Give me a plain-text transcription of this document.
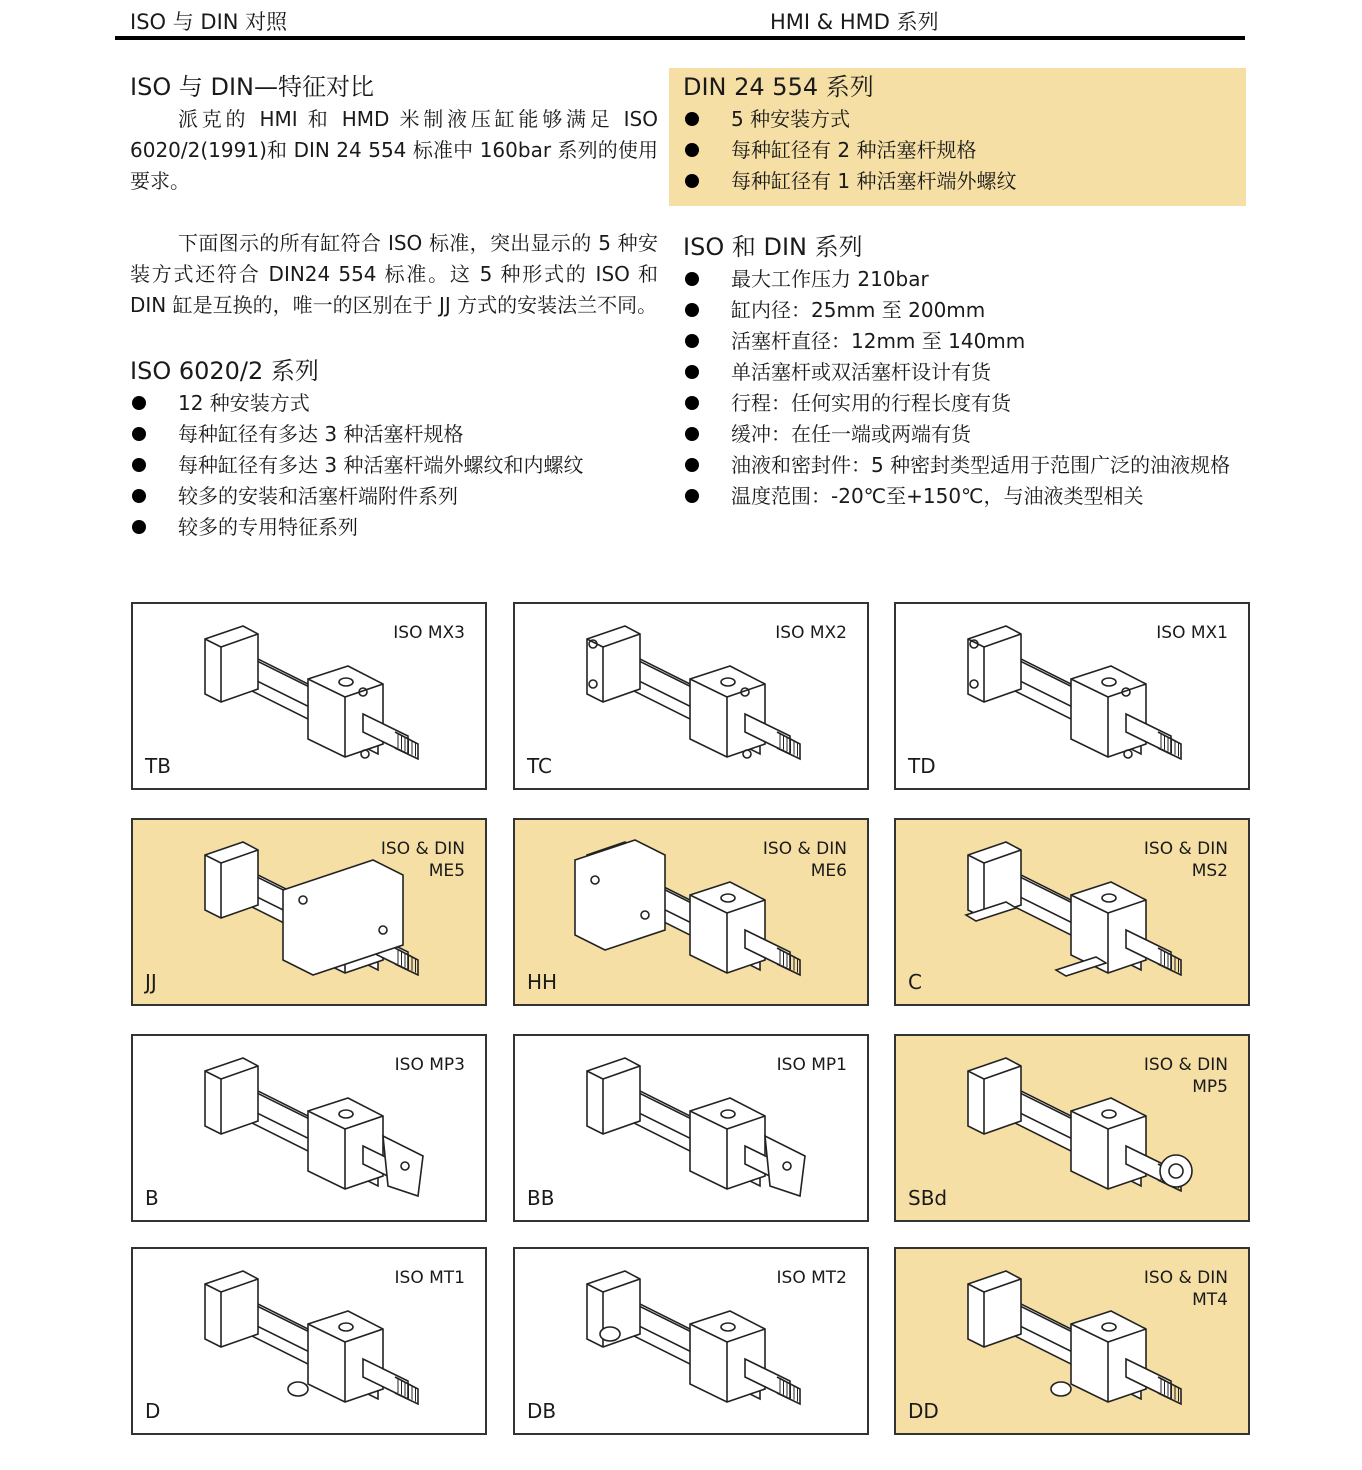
ISO 与 DIN 对照	HMI & HMD 系列
ISO 与 DIN—特征对比

派克的 HMI 和 HMD 米制液压缸能够满足 ISO 6020/2(1991)和 DIN 24 554 标准中 160bar 系列的使用要求。

下面图示的所有缸符合 ISO 标准，突出显示的 5 种安装方式还符合 DIN24 554 标准。这 5 种形式的 ISO 和 DIN 缸是互换的，唯一的区别在于 JJ 方式的安装法兰不同。

ISO 6020/2 系列
12 种安装方式
每种缸径有多达 3 种活塞杆规格
每种缸径有多达 3 种活塞杆端外螺纹和内螺纹
较多的安装和活塞杆端附件系列
较多的专用特征系列
DIN 24 554 系列
5 种安装方式
每种缸径有 2 种活塞杆规格
每种缸径有 1 种活塞杆端外螺纹
ISO 和 DIN 系列
最大工作压力 210bar
缸内径：25mm 至 200mm
活塞杆直径：12mm 至 140mm
单活塞杆或双活塞杆设计有货
行程：任何实用的行程长度有货
缓冲：在任一端或两端有货
油液和密封件：5 种密封类型适用于范围广泛的油液规格
温度范围：-20℃至+150℃，与油液类型相关
ISO MX3
TB
ISO MX2
TC
ISO MX1
TD
ISO & DIN
ME5
JJ
ISO & DIN
ME6
HH
ISO & DIN
MS2
C
ISO MP3
B
ISO MP1
BB
ISO & DIN
MP5
SBd
ISO MT1
D
ISO MT2
DB
ISO & DIN
MT4
DD
